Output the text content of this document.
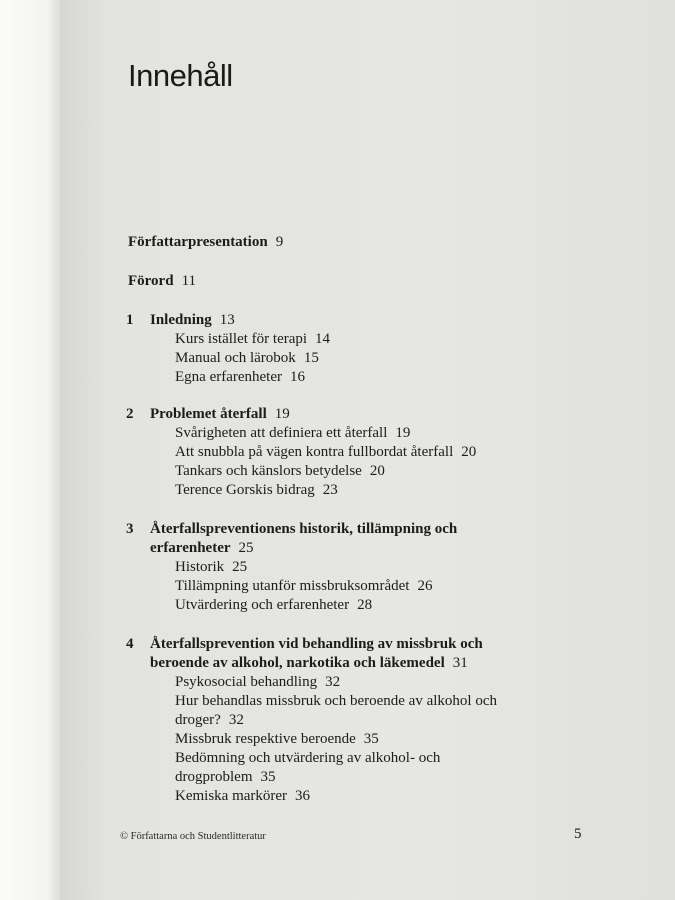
Innehåll
Författarpresentation 9
Förord 11
1 Inledning 13
Kurs istället för terapi 14
Manual och lärobok 15
Egna erfarenheter 16
2 Problemet återfall 19
Svårigheten att definiera ett återfall 19
Att snubbla på vägen kontra fullbordat återfall 20
Tankars och känslors betydelse 20
Terence Gorskis bidrag 23
3 Återfallspreventionens historik, tillämpning och
erfarenheter 25
Historik 25
Tillämpning utanför missbruksområdet 26
Utvärdering och erfarenheter 28
4 Återfallsprevention vid behandling av missbruk och
beroende av alkohol, narkotika och läkemedel 31
Psykosocial behandling 32
Hur behandlas missbruk och beroende av alkohol och
droger? 32
Missbruk respektive beroende 35
Bedömning och utvärdering av alkohol- och
drogproblem 35
Kemiska markörer 36
© Författarna och Studentlitteratur	5
